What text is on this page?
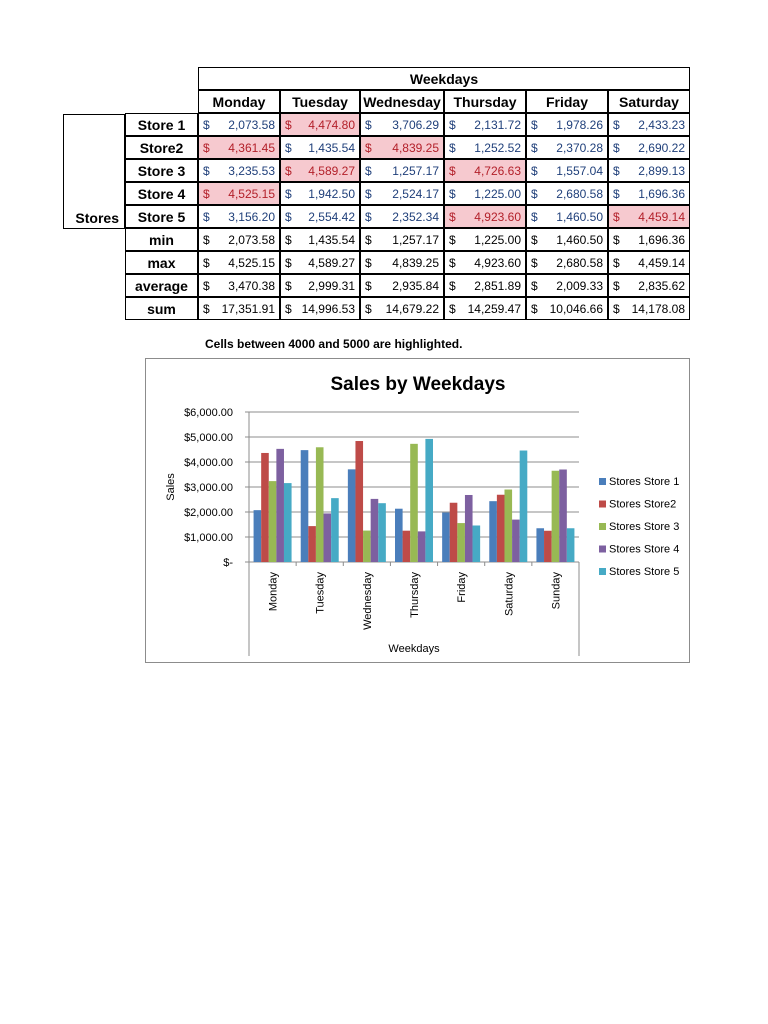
Stores
Weekdays
Monday	Tuesday	Wednesday Thursday	Friday	Saturday
Store 1	$ 2,073.58 $ 4,474.80 $ 3,706.29 $ 2,131.72 $ 1,978.26 $ 2,433.23
Store2	$ 4,361.45 $ 1,435.54 $ 4,839.25 $ 1,252.52 $ 2,370.28 $ 2,690.22
Store 3	$ 3,235.53 $ 4,589.27 $ 1,257.17 $ 4,726.63 $ 1,557.04 $ 2,899.13
Store 4	$ 4,525.15 $ 1,942.50 $ 2,524.17 $ 1,225.00 $ 2,680.58 $ 1,696.36
Store 5	$ 3,156.20 $ 2,554.42 $ 2,352.34 $ 4,923.60 $ 1,460.50 $ 4,459.14
min	$ 2,073.58 $ 1,435.54 $ 1,257.17 $ 1,225.00 $ 1,460.50 $ 1,696.36
max	$ 4,525.15 $ 4,589.27 $ 4,839.25 $ 4,923.60 $ 2,680.58 $ 4,459.14
average	$ 3,470.38 $ 2,999.31 $ 2,935.84 $ 2,851.89 $ 2,009.33 $ 2,835.62
sum	$ 17,351.91 $ 14,996.53 $ 14,679.22 $ 14,259.47 $ 10,046.66 $ 14,178.08
Cells between 4000 and 5000 are highlighted.
Sales by Weekdays
$-
$1,000.00
$2,000.00
$3,000.00
$4,000.00
$5,000.00
$6,000.00
Monday	Tuesday	Wednesday	Thursday	Friday	Saturday	Sunday
Weekdays
Sales	Stores Store 1
Stores Store2
Stores Store 3
Stores Store 4
Stores Store 5
